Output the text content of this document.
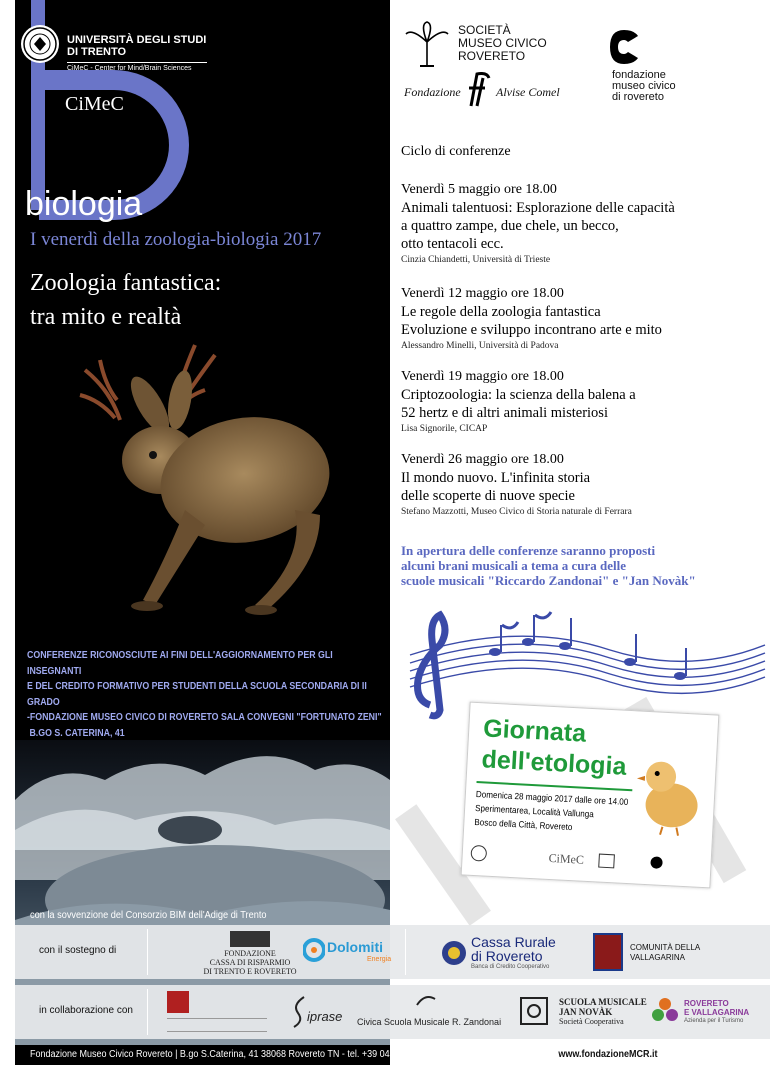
UNIVERSITÀ DEGLI STUDI
DI TRENTO
CiMeC - Center for Mind/Brain Sciences
CiMeC
biologia
I venerdì della zoologia-biologia 2017
Zoologia fantastica:
tra mito e realtà
CONFERENZE RICONOSCIUTE AI FINI DELL'AGGIORNAMENTO PER GLI INSEGNANTI
E DEL CREDITO FORMATIVO PER STUDENTI DELLA SCUOLA SECONDARIA DI II GRADO
-FONDAZIONE MUSEO CIVICO DI ROVERETO SALA CONVEGNI "FORTUNATO ZENI"
B.GO S. CATERINA, 41
con la sovvenzione del Consorzio BIM dell'Adige di Trento
con il sostegno di	FONDAZIONE
CASSA DI RISPARMIO
DI TRENTO E ROVERETO
Dolomiti
Energia
Cassa Rurale
di Rovereto
Banca di Credito Cooperativo
COMUNITÀ DELLA
VALLAGARINA
in collaborazione con	iprase Civica Scuola Musicale R. Zandonai
SCUOLA MUSICALE
JAN NOVÀK
Società Cooperativa
ROVERETO
E VALLAGARINA
Azienda per il Turismo
Fondazione Museo Civico Rovereto | B.go S.Caterina, 41 38068 Rovereto TN - tel. +39 0464 452 800 - museo@fondazioneMCR.it - www.fondazioneMCR.it
SOCIETÀ
MUSEO CIVICO
ROVERETO
Fondazione	Alvise Comel
fondazione
museo civico
di rovereto
Ciclo di conferenze
Venerdì 5 maggio ore 18.00
Animali talentuosi: Esplorazione delle capacità
a quattro zampe, due chele, un becco,
otto tentacoli ecc.
Cinzia Chiandetti, Università di Trieste
Venerdì 12 maggio ore 18.00
Le regole della zoologia fantastica
Evoluzione e sviluppo incontrano arte e mito
Alessandro Minelli, Università di Padova
Venerdì 19 maggio ore 18.00
Criptozoologia: la scienza della balena a
52 hertz e di altri animali misteriosi
Lisa Signorile, CICAP
Venerdì 26 maggio ore 18.00
Il mondo nuovo. L'infinita storia
delle scoperte di nuove specie
Stefano Mazzotti, Museo Civico di Storia naturale di Ferrara
In apertura delle conferenze saranno proposti
alcuni brani musicali a tema a cura delle
scuole musicali "Riccardo Zandonai" e "Jan Novàk"
Giornata
dell'etologia
Domenica 28 maggio 2017 dalle ore 14.00
Sperimentarea, Località Vallunga
Bosco della Città, Rovereto
CiMeC
